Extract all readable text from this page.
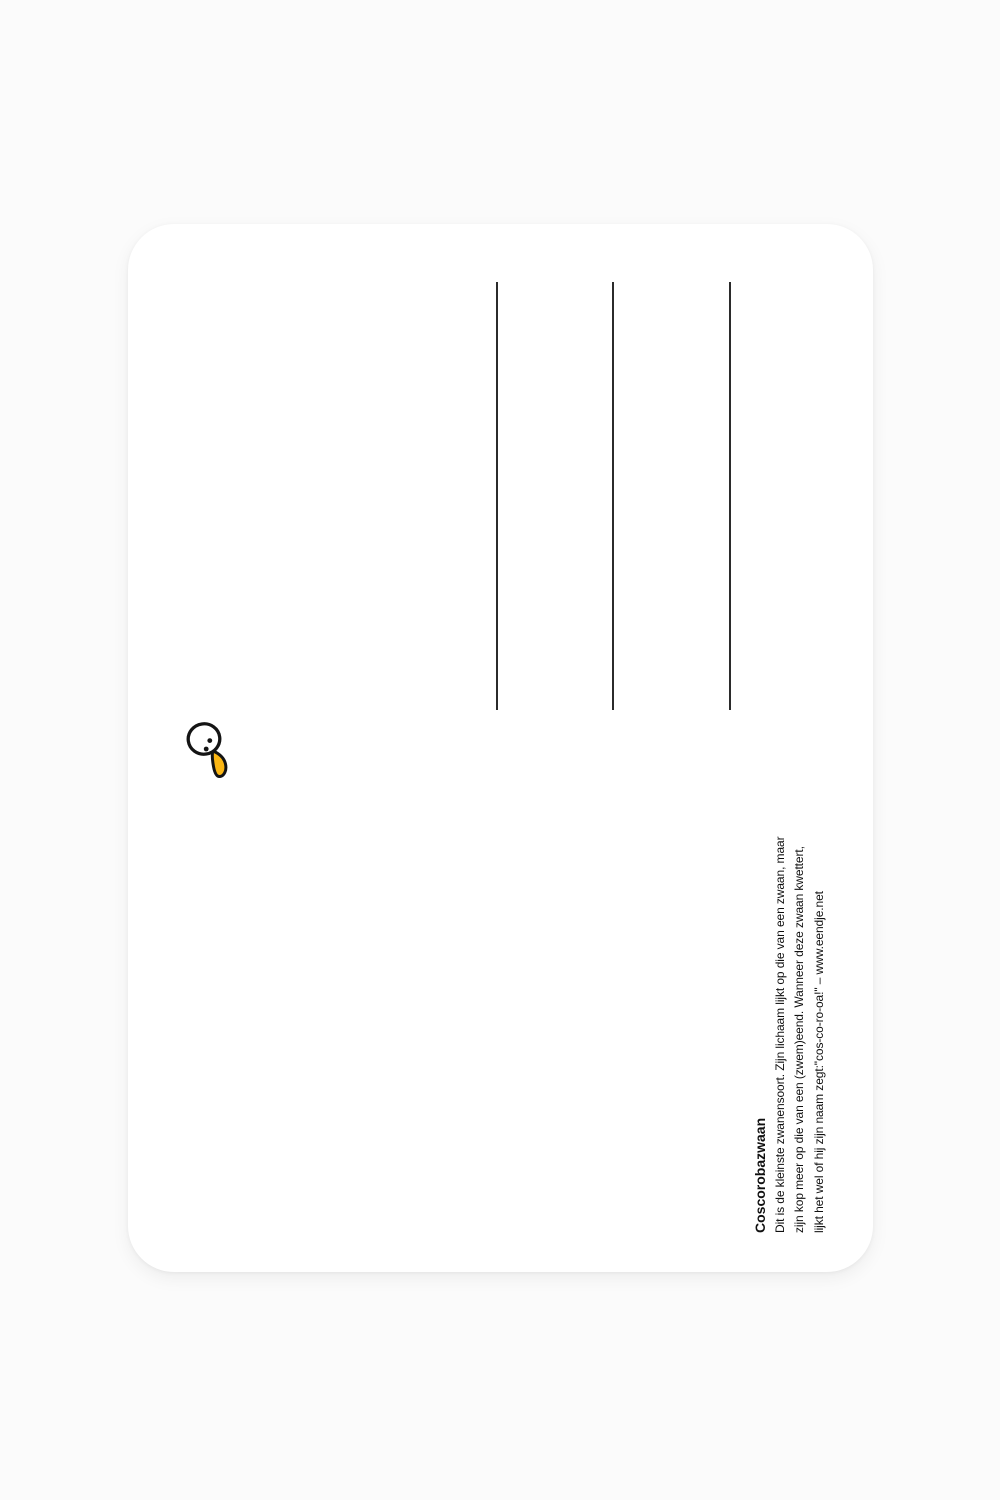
Coscorobazwaan Dit is de kleinste zwanensoort. Zijn lichaam lijkt op die van een zwaan, maar zijn kop meer op die van een (zwem)eend. Wanneer deze zwaan kwettert, lijkt het wel of hij zijn naam zegt:"cos-co-ro-oa!" – www.eendje.net
